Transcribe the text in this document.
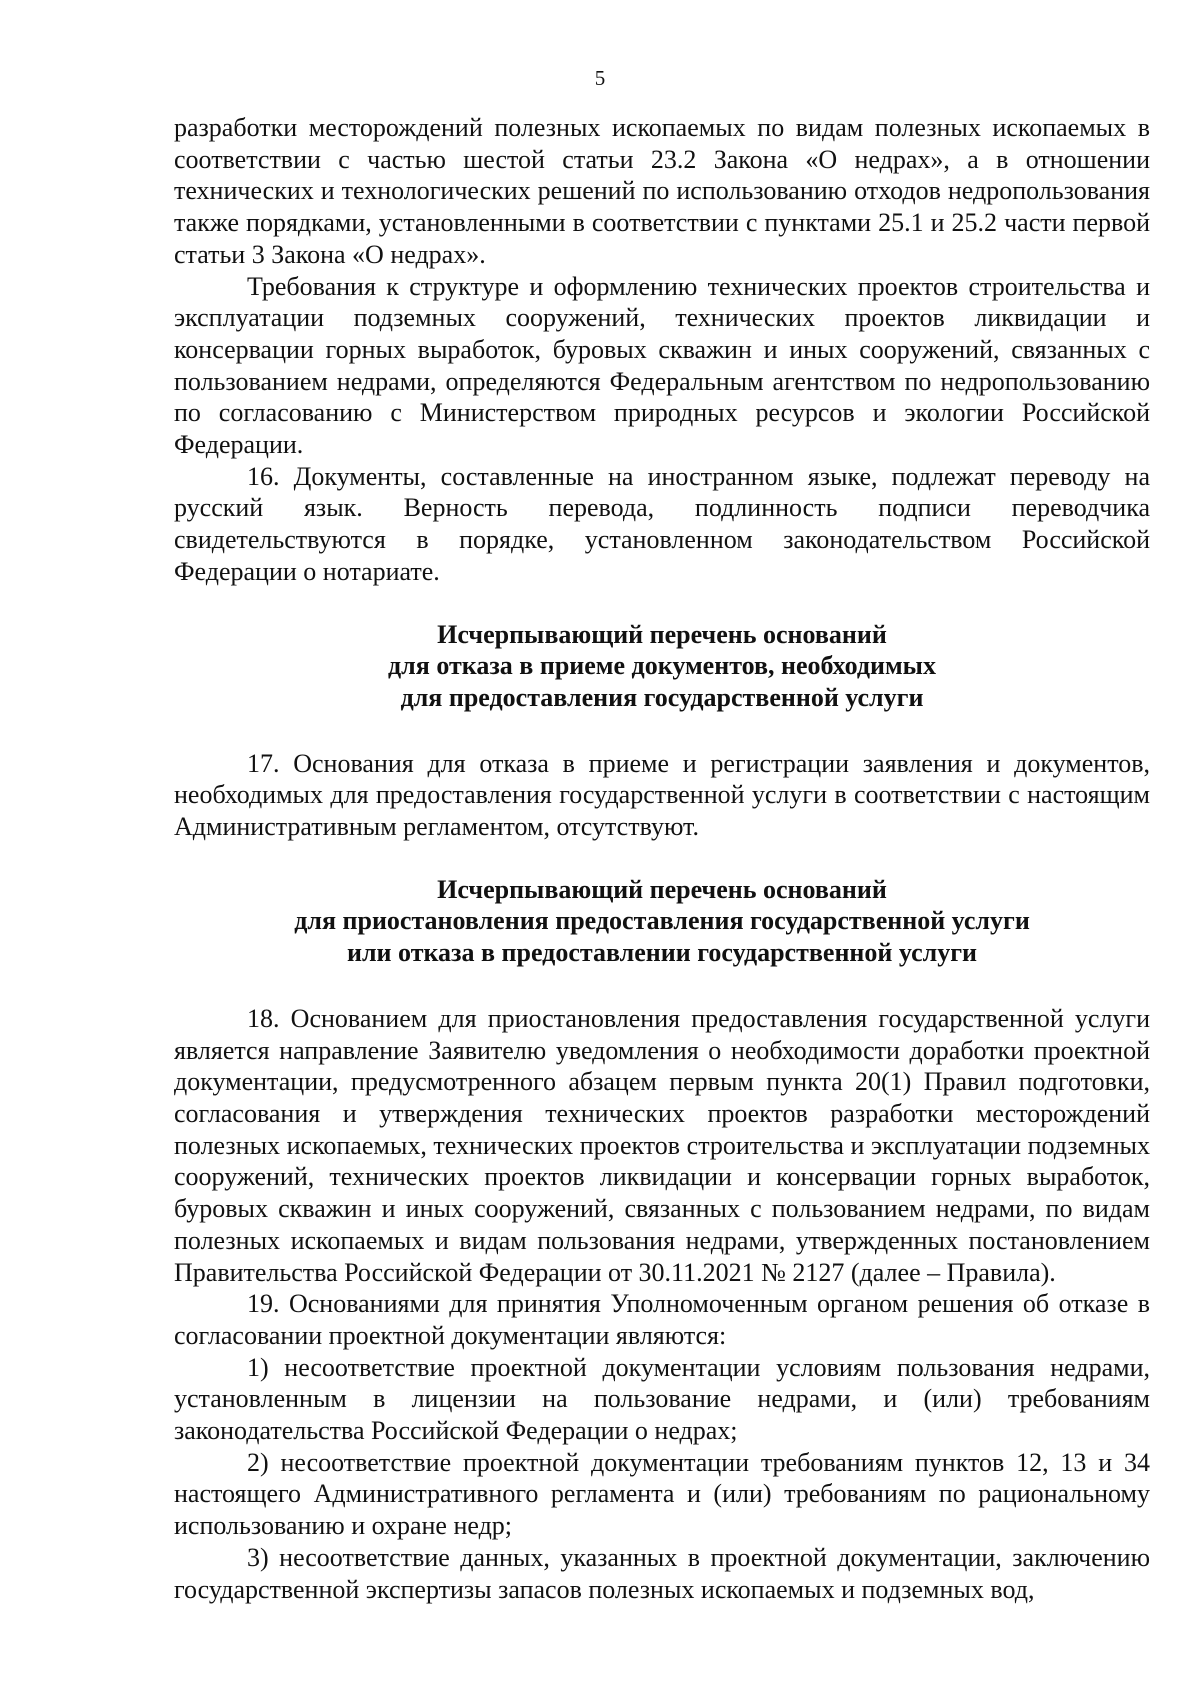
5

разработки месторождений полезных ископаемых по видам полезных ископаемых в соответствии с частью шестой статьи 23.2 Закона «О недрах», а в отношении технических и технологических решений по использованию отходов недропользования также порядками, установленными в соответствии с пунктами 25.1 и 25.2 части первой статьи 3 Закона «О недрах».

Требования к структуре и оформлению технических проектов строительства и эксплуатации подземных сооружений, технических проектов ликвидации и консервации горных выработок, буровых скважин и иных сооружений, связанных с пользованием недрами, определяются Федеральным агентством по недропользованию по согласованию с Министерством природных ресурсов и экологии Российской Федерации.

16. Документы, составленные на иностранном языке, подлежат переводу на русский язык. Верность перевода, подлинность подписи переводчика свидетельствуются в порядке, установленном законодательством Российской Федерации о нотариате.

Исчерпывающий перечень оснований

для отказа в приеме документов, необходимых

для предоставления государственной услуги

17. Основания для отказа в приеме и регистрации заявления и документов, необходимых для предоставления государственной услуги в соответствии с настоящим Административным регламентом, отсутствуют.

Исчерпывающий перечень оснований

для приостановления предоставления государственной услуги

или отказа в предоставлении государственной услуги

18. Основанием для приостановления предоставления государственной услуги является направление Заявителю уведомления о необходимости доработки проектной документации, предусмотренного абзацем первым пункта 20(1) Правил подготовки, согласования и утверждения технических проектов разработки месторождений полезных ископаемых, технических проектов строительства и эксплуатации подземных сооружений, технических проектов ликвидации и консервации горных выработок, буровых скважин и иных сооружений, связанных с пользованием недрами, по видам полезных ископаемых и видам пользования недрами, утвержденных постановлением Правительства Российской Федерации от 30.11.2021 № 2127 (далее – Правила).

19. Основаниями для принятия Уполномоченным органом решения об отказе в согласовании проектной документации являются:

1) несоответствие проектной документации условиям пользования недрами, установленным в лицензии на пользование недрами, и (или) требованиям законодательства Российской Федерации о недрах;

2) несоответствие проектной документации требованиям пунктов 12, 13 и 34 настоящего Административного регламента и (или) требованиям по рациональному использованию и охране недр;

3) несоответствие данных, указанных в проектной документации, заключению государственной экспертизы запасов полезных ископаемых и подземных вод,
